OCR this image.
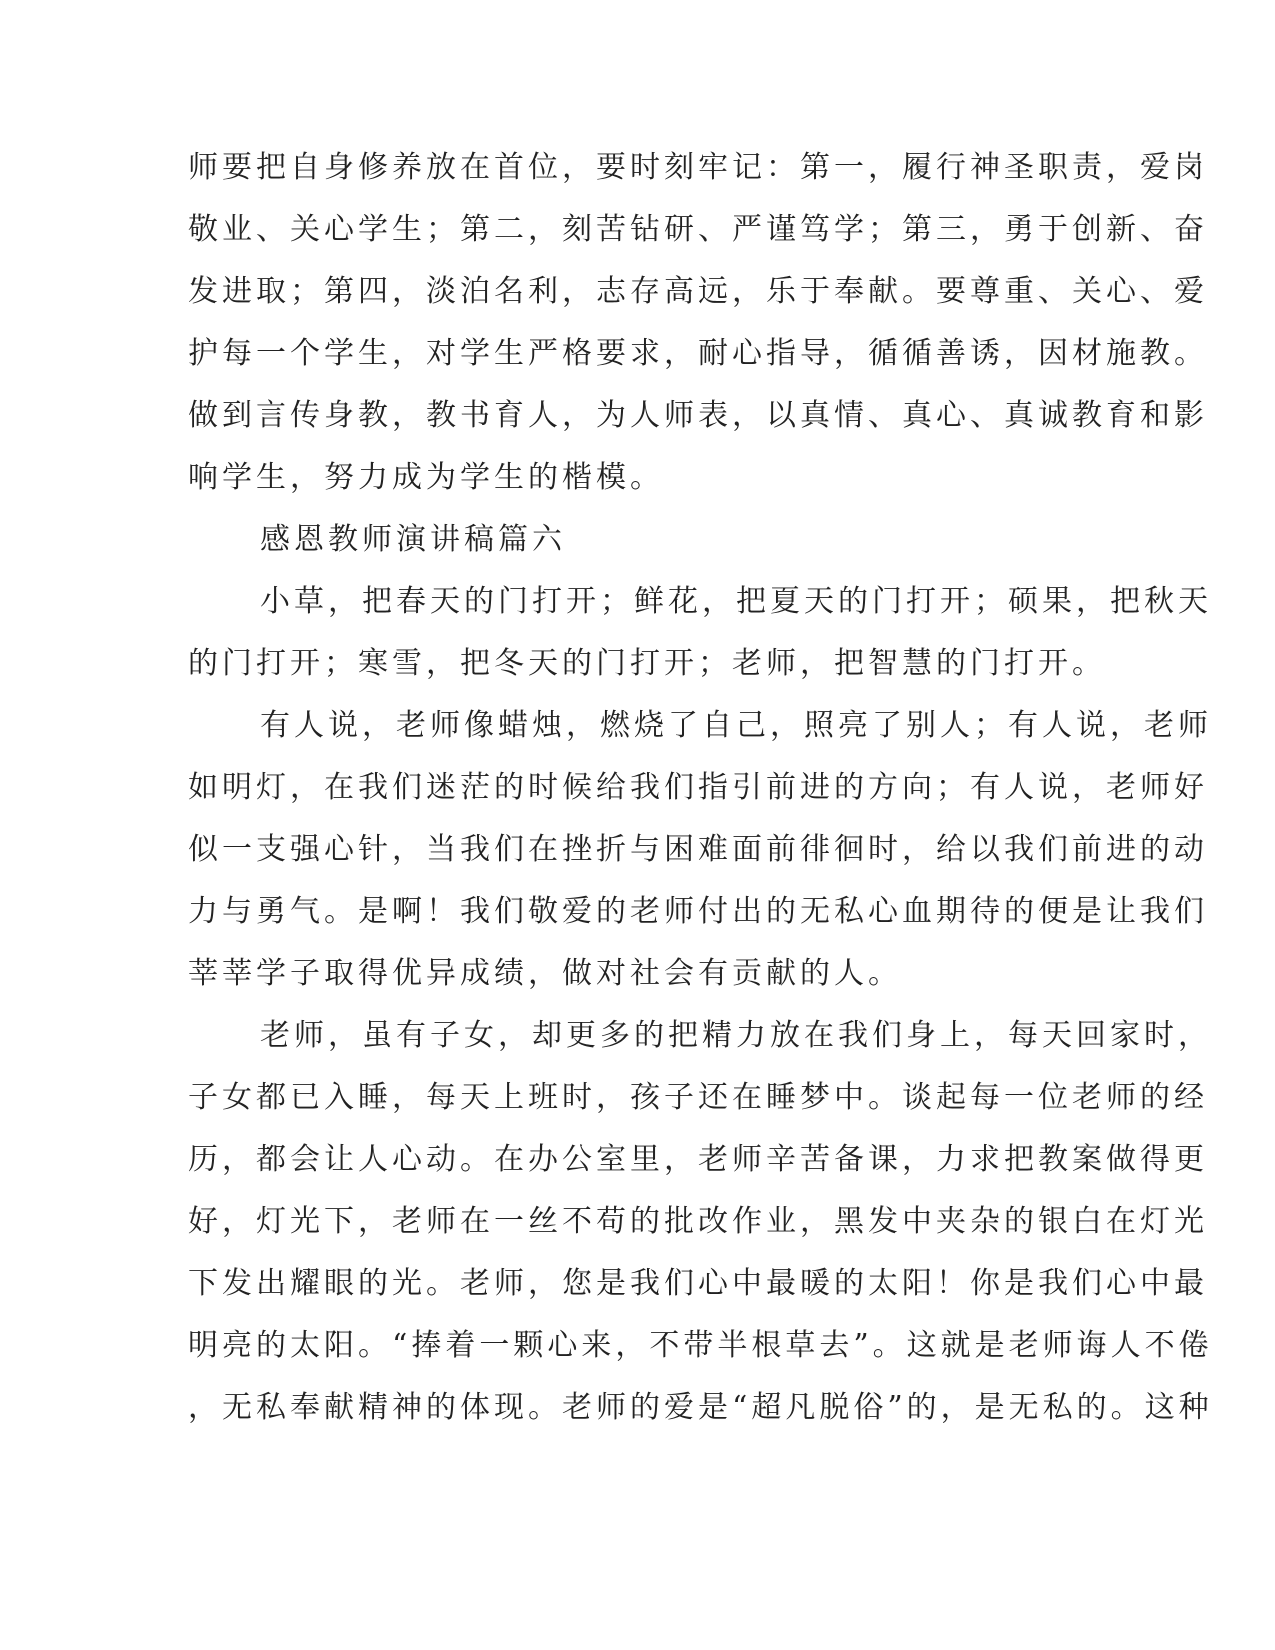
师要把自身修养放在首位，要时刻牢记：第一，履行神圣职责，爱岗
敬业、关心学生；第二，刻苦钻研、严谨笃学；第三，勇于创新、奋
发进取；第四，淡泊名利，志存高远，乐于奉献。要尊重、关心、爱
护每一个学生，对学生严格要求，耐心指导，循循善诱，因材施教。
做到言传身教，教书育人，为人师表，以真情、真心、真诚教育和影
响学生，努力成为学生的楷模。
感恩教师演讲稿篇六
小草，把春天的门打开；鲜花，把夏天的门打开；硕果，把秋天
的门打开；寒雪，把冬天的门打开；老师，把智慧的门打开。
有人说，老师像蜡烛，燃烧了自己，照亮了别人；有人说，老师
如明灯，在我们迷茫的时候给我们指引前进的方向；有人说，老师好
似一支强心针，当我们在挫折与困难面前徘徊时，给以我们前进的动
力与勇气。是啊！我们敬爱的老师付出的无私心血期待的便是让我们
莘莘学子取得优异成绩，做对社会有贡献的人。
老师，虽有子女，却更多的把精力放在我们身上，每天回家时，
子女都已入睡，每天上班时，孩子还在睡梦中。谈起每一位老师的经
历，都会让人心动。在办公室里，老师辛苦备课，力求把教案做得更
好，灯光下，老师在一丝不苟的批改作业，黑发中夹杂的银白在灯光
下发出耀眼的光。老师，您是我们心中最暖的太阳！你是我们心中最
明亮的太阳。“捧着一颗心来，不带半根草去”。这就是老师诲人不倦
，无私奉献精神的体现。老师的爱是“超凡脱俗”的，是无私的。这种
